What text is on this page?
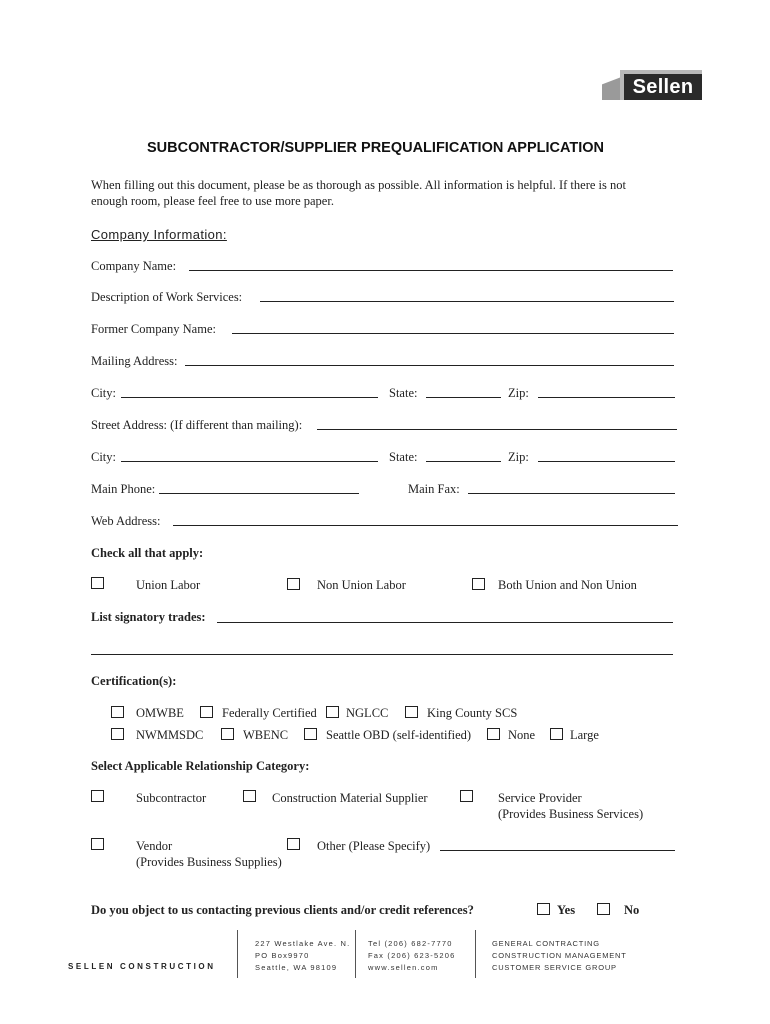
Sellen
SUBCONTRACTOR/SUPPLIER PREQUALIFICATION APPLICATION
When filling out this document, please be as thorough as possible. All information is helpful. If there is not
enough room, please feel free to use more paper.
Company Information:
Company Name:
Description of Work Services:
Former Company Name:
Mailing Address:
City:	State:	Zip:
Street Address: (If different than mailing):
City:	State:	Zip:
Main Phone:	Main Fax:
Web Address:
Check all that apply:
Union Labor	Non Union Labor	Both Union and Non Union
List signatory trades:
Certification(s):
OMWBE	Federally Certified NGLCC	King County SCS
NWMMSDC	WBENC	Seattle OBD (self-identified)	None	Large
Select Applicable Relationship Category:
Subcontractor	Construction Material Supplier	Service Provider
(Provides Business Services)
Vendor
(Provides Business Supplies)
Other (Please Specify)
Do you object to us contacting previous clients and/or credit references?	Yes	No
SELLEN CONSTRUCTION
227 Westlake Ave. N.
PO Box9970
Seattle, WA 98109
Tel (206) 682-7770
Fax (206) 623-5206
www.sellen.com
GENERAL CONTRACTING
CONSTRUCTION MANAGEMENT
CUSTOMER SERVICE GROUP
